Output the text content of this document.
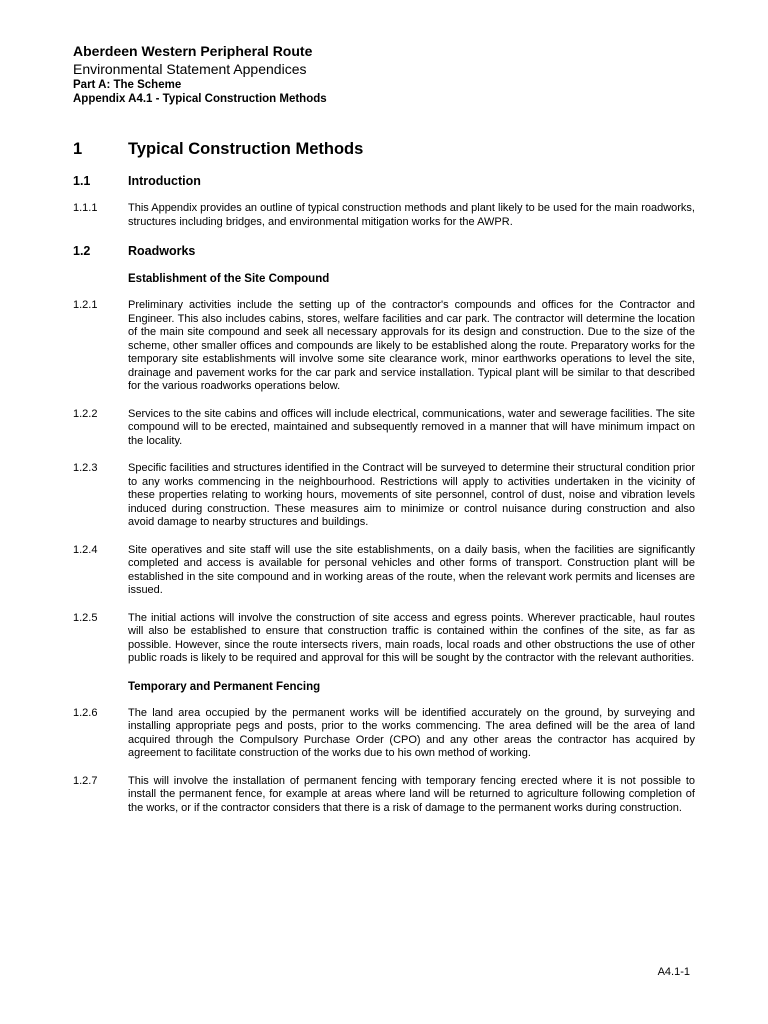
Aberdeen Western Peripheral Route
Environmental Statement Appendices
Part A: The Scheme
Appendix A4.1 - Typical Construction Methods
1	Typical Construction Methods
1.1	Introduction
1.1.1	This Appendix provides an outline of typical construction methods and plant likely to be used for the main roadworks, structures including bridges, and environmental mitigation works for the AWPR.
1.2	Roadworks
Establishment of the Site Compound
1.2.1	Preliminary activities include the setting up of the contractor's compounds and offices for the Contractor and Engineer. This also includes cabins, stores, welfare facilities and car park. The contractor will determine the location of the main site compound and seek all necessary approvals for its design and construction. Due to the size of the scheme, other smaller offices and compounds are likely to be established along the route. Preparatory works for the temporary site establishments will involve some site clearance work, minor earthworks operations to level the site, drainage and pavement works for the car park and service installation. Typical plant will be similar to that described for the various roadworks operations below.
1.2.2	Services to the site cabins and offices will include electrical, communications, water and sewerage facilities. The site compound will to be erected, maintained and subsequently removed in a manner that will have minimum impact on the locality.
1.2.3	Specific facilities and structures identified in the Contract will be surveyed to determine their structural condition prior to any works commencing in the neighbourhood. Restrictions will apply to activities undertaken in the vicinity of these properties relating to working hours, movements of site personnel, control of dust, noise and vibration levels induced during construction. These measures aim to minimize or control nuisance during construction and also avoid damage to nearby structures and buildings.
1.2.4	Site operatives and site staff will use the site establishments, on a daily basis, when the facilities are significantly completed and access is available for personal vehicles and other forms of transport. Construction plant will be established in the site compound and in working areas of the route, when the relevant work permits and licenses are issued.
1.2.5	The initial actions will involve the construction of site access and egress points. Wherever practicable, haul routes will also be established to ensure that construction traffic is contained within the confines of the site, as far as possible. However, since the route intersects rivers, main roads, local roads and other obstructions the use of other public roads is likely to be required and approval for this will be sought by the contractor with the relevant authorities.
Temporary and Permanent Fencing
1.2.6	The land area occupied by the permanent works will be identified accurately on the ground, by surveying and installing appropriate pegs and posts, prior to the works commencing. The area defined will be the area of land acquired through the Compulsory Purchase Order (CPO) and any other areas the contractor has acquired by agreement to facilitate construction of the works due to his own method of working.
1.2.7	This will involve the installation of permanent fencing with temporary fencing erected where it is not possible to install the permanent fence, for example at areas where land will be returned to agriculture following completion of the works, or if the contractor considers that there is a risk of damage to the permanent works during construction.
A4.1-1
